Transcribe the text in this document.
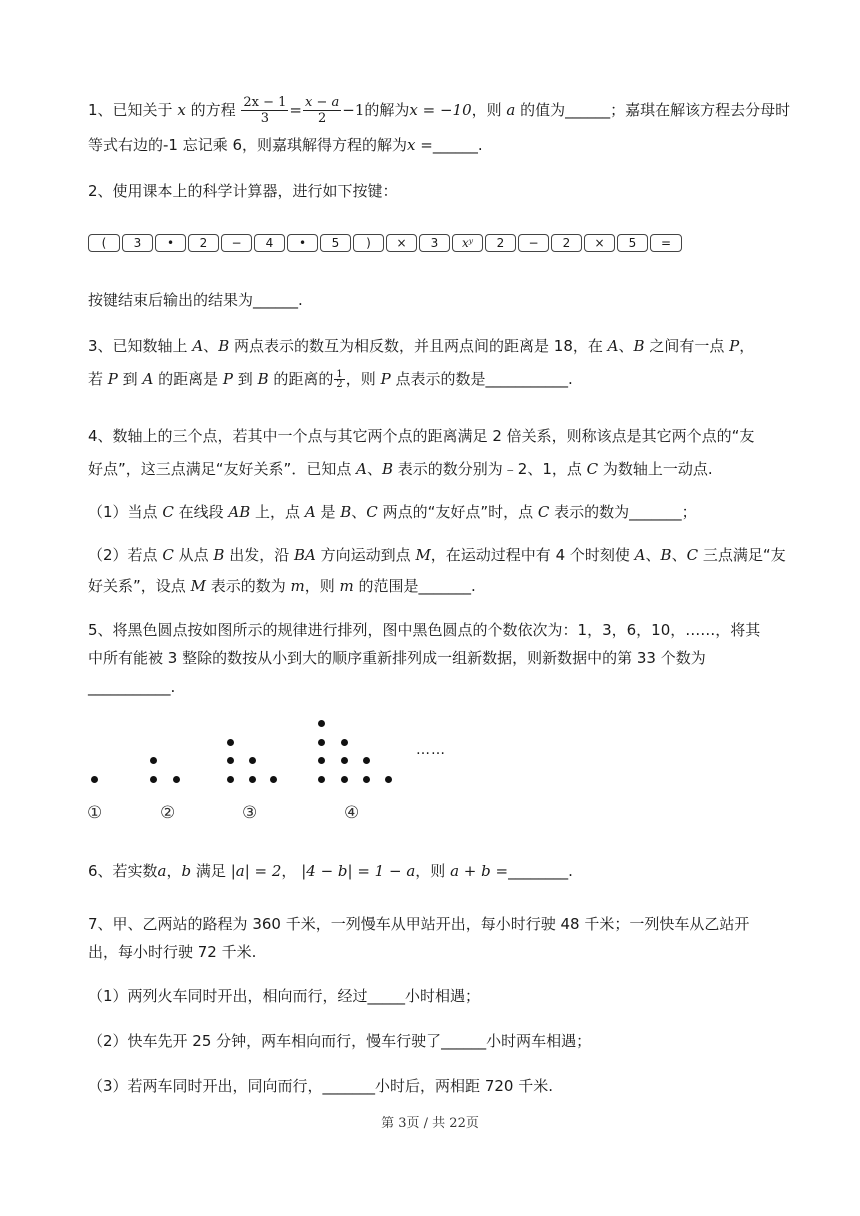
1、已知关于 x 的方程 $\frac{2x - 1}{3} = \frac{x - a}{2} -1$的解为x = −10，则 a 的值为______；嘉琪在解该方程去分母时
等式右边的-1 忘记乘 6，则嘉琪解得方程的解为x =______.
2、使用课本上的科学计算器，进行如下按键：
(	3	•	2	−	4	•	5	)	×	3	xʸ	2	−	2	×	5	=
按键结束后输出的结果为______.
3、已知数轴上 A、B 两点表示的数互为相反数，并且两点间的距离是 18，在 A、B 之间有一点 P，
若 P 到 A 的距离是 P 到 B 的距离的 $\frac{1}{2}$ ，则 P 点表示的数是___________.
4、数轴上的三个点，若其中一个点与其它两个点的距离满足 2 倍关系，则称该点是其它两个点的“友
好点”，这三点满足“友好关系”．已知点 A、B 表示的数分别为﹣2、1，点 C 为数轴上一动点.
（1）当点 C 在线段 AB 上，点 A 是 B、C 两点的“友好点”时，点 C 表示的数为_______；
（2）若点 C 从点 B 出发，沿 BA 方向运动到点 M，在运动过程中有 4 个时刻使 A、B、C 三点满足“友
好关系”，设点 M 表示的数为 m，则 m 的范围是_______.
5、将黑色圆点按如图所示的规律进行排列，图中黑色圆点的个数依次为：1，3，6，10，……，将其
中所有能被 3 整除的数按从小到大的顺序重新排列成一组新数据，则新数据中的第 33 个数为
___________.
……
①	②	③	④
6、若实数a，b 满足 |a| = 2， |4 − b| = 1 − a，则 a + b =________.
7、甲、乙两站的路程为 360 千米，一列慢车从甲站开出，每小时行驶 48 千米；一列快车从乙站开
出，每小时行驶 72 千米.
（1）两列火车同时开出，相向而行，经过_____小时相遇；
（2）快车先开 25 分钟，两车相向而行，慢车行驶了______小时两车相遇；
（3）若两车同时开出，同向而行，_______小时后，两相距 720 千米.
第 3页 / 共 22页
